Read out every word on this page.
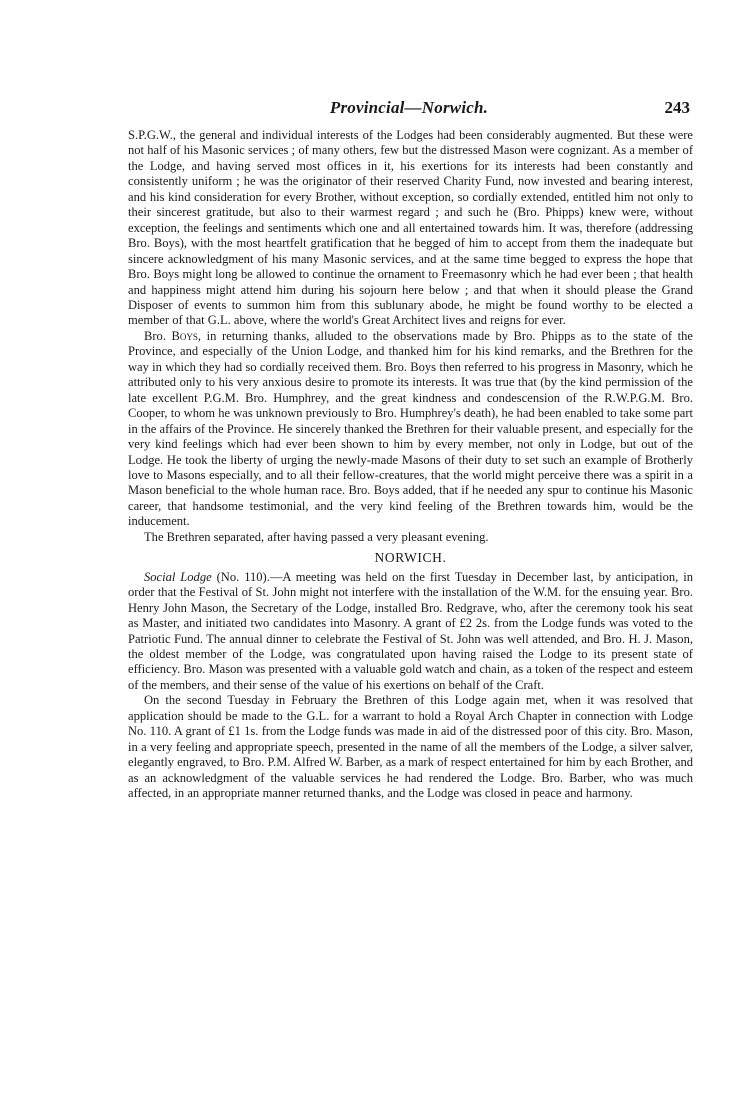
Provincial—Norwich.	243

S.P.G.W., the general and individual interests of the Lodges had been considerably augmented. But these were not half of his Masonic services ; of many others, few but the distressed Mason were cognizant. As a member of the Lodge, and having served most offices in it, his exertions for its interests had been constantly and consistently uniform ; he was the originator of their reserved Charity Fund, now invested and bearing interest, and his kind consideration for every Brother, without exception, so cordially extended, entitled him not only to their sincerest gratitude, but also to their warmest regard ; and such he (Bro. Phipps) knew were, without exception, the feelings and sentiments which one and all entertained towards him. It was, therefore (addressing Bro. Boys), with the most heartfelt gratification that he begged of him to accept from them the inadequate but sincere acknowledgment of his many Masonic services, and at the same time begged to express the hope that Bro. Boys might long be allowed to continue the ornament to Freemasonry which he had ever been ; that health and happiness might attend him during his sojourn here below ; and that when it should please the Grand Disposer of events to summon him from this sublunary abode, he might be found worthy to be elected a member of that G.L. above, where the world's Great Architect lives and reigns for ever.

Bro. Boys, in returning thanks, alluded to the observations made by Bro. Phipps as to the state of the Province, and especially of the Union Lodge, and thanked him for his kind remarks, and the Brethren for the way in which they had so cordially received them. Bro. Boys then referred to his progress in Masonry, which he attributed only to his very anxious desire to promote its interests. It was true that (by the kind permission of the late excellent P.G.M. Bro. Humphrey, and the great kindness and condescension of the R.W.P.G.M. Bro. Cooper, to whom he was unknown previously to Bro. Humphrey's death), he had been enabled to take some part in the affairs of the Province. He sincerely thanked the Brethren for their valuable present, and especially for the very kind feelings which had ever been shown to him by every member, not only in Lodge, but out of the Lodge. He took the liberty of urging the newly-made Masons of their duty to set such an example of Brotherly love to Masons especially, and to all their fellow-creatures, that the world might perceive there was a spirit in a Mason beneficial to the whole human race. Bro. Boys added, that if he needed any spur to continue his Masonic career, that handsome testimonial, and the very kind feeling of the Brethren towards him, would be the inducement.

The Brethren separated, after having passed a very pleasant evening.

NORWICH.

Social Lodge (No. 110).—A meeting was held on the first Tuesday in December last, by anticipation, in order that the Festival of St. John might not interfere with the installation of the W.M. for the ensuing year. Bro. Henry John Mason, the Secretary of the Lodge, installed Bro. Redgrave, who, after the ceremony took his seat as Master, and initiated two candidates into Masonry. A grant of £2 2s. from the Lodge funds was voted to the Patriotic Fund. The annual dinner to celebrate the Festival of St. John was well attended, and Bro. H. J. Mason, the oldest member of the Lodge, was congratulated upon having raised the Lodge to its present state of efficiency. Bro. Mason was presented with a valuable gold watch and chain, as a token of the respect and esteem of the members, and their sense of the value of his exertions on behalf of the Craft.

On the second Tuesday in February the Brethren of this Lodge again met, when it was resolved that application should be made to the G.L. for a warrant to hold a Royal Arch Chapter in connection with Lodge No. 110. A grant of £1 1s. from the Lodge funds was made in aid of the distressed poor of this city. Bro. Mason, in a very feeling and appropriate speech, presented in the name of all the members of the Lodge, a silver salver, elegantly engraved, to Bro. P.M. Alfred W. Barber, as a mark of respect entertained for him by each Brother, and as an acknowledgment of the valuable services he had rendered the Lodge. Bro. Barber, who was much affected, in an appropriate manner returned thanks, and the Lodge was closed in peace and harmony.
